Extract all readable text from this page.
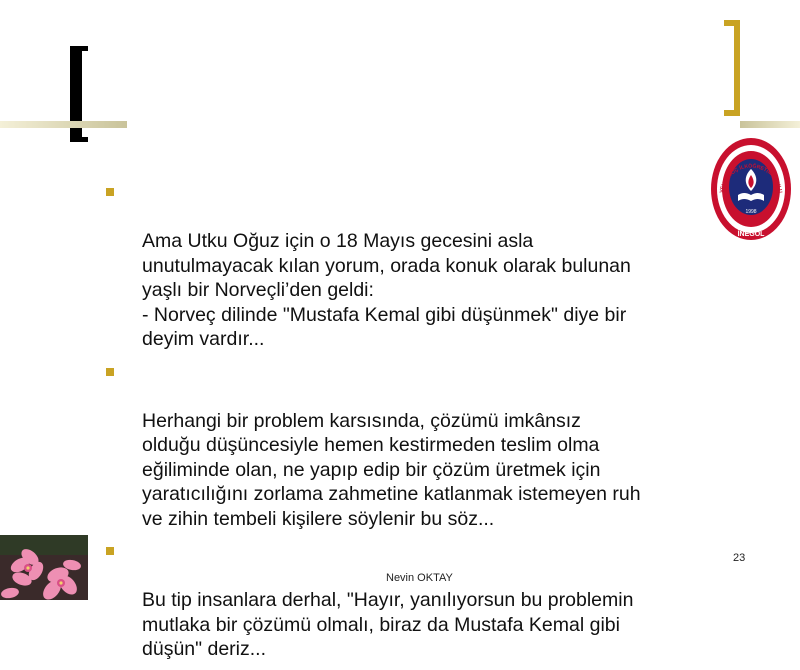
1998
VEHBİ KOÇ İLKÖĞRETİM OKULU
İNEGÖL

Ama Utku Oğuz için o 18 Mayıs gecesini asla
unutulmayacak kılan yorum, orada konuk olarak bulunan
yaşlı bir Norveçli’den geldi:
- Norveç dilinde "Mustafa Kemal gibi düşünmek" diye bir
deyim vardır...

Herhangi bir problem karsısında, çözümü imkânsız
olduğu düşüncesiyle hemen kestirmeden teslim olma
eğiliminde olan, ne yapıp edip bir çözüm üretmek için
yaratıcılığını zorlama zahmetine katlanmak istemeyen ruh
ve zihin tembeli kişilere söylenir bu söz...

Bu tip insanlara derhal, "Hayır, yanılıyorsun bu problemin
mutlaka bir çözümü olmalı, biraz da Mustafa Kemal gibi
düşün" deriz...

23
Nevin OKTAY
